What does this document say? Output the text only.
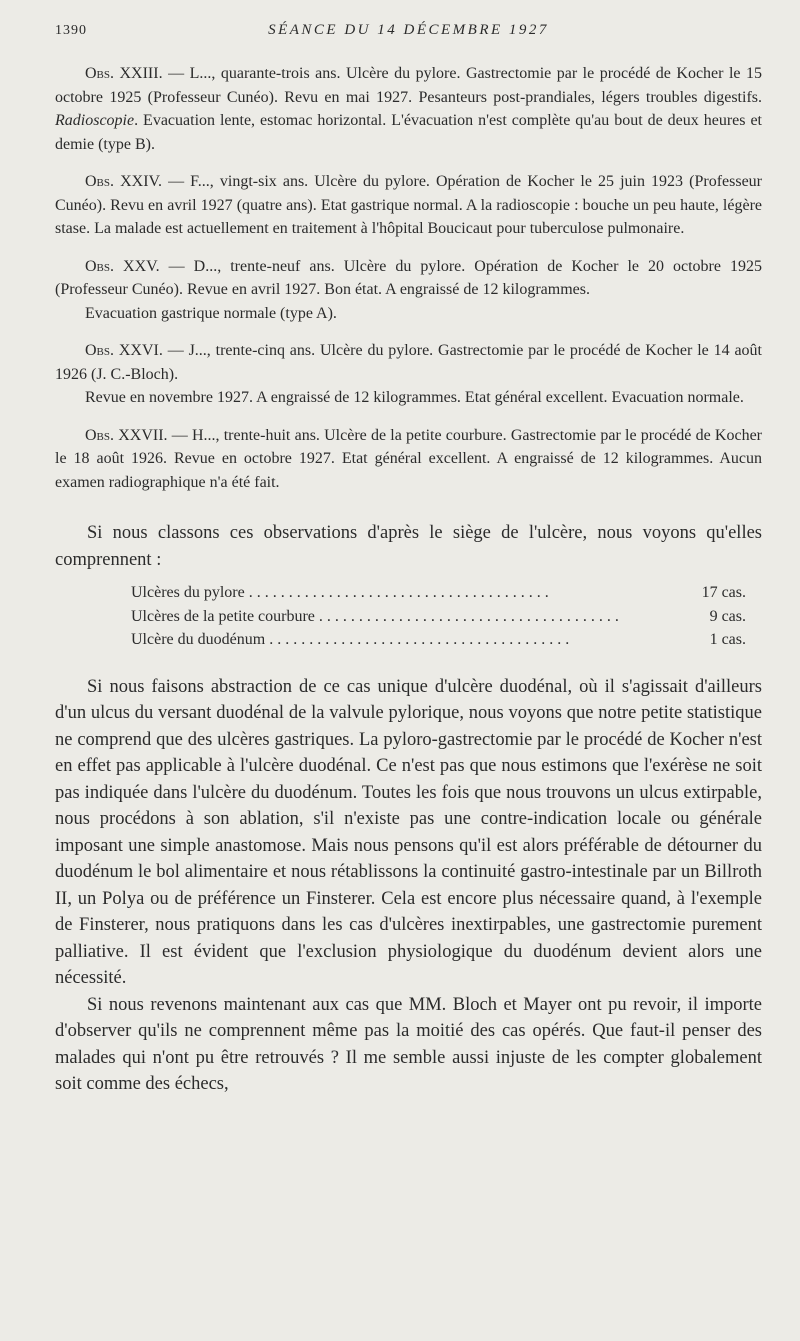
1390	SÉANCE DU 14 DÉCEMBRE 1927

Obs. XXIII. — L..., quarante-trois ans. Ulcère du pylore. Gastrectomie par le procédé de Kocher le 15 octobre 1925 (Professeur Cunéo). Revu en mai 1927. Pesanteurs post-prandiales, légers troubles digestifs. Radioscopie. Evacuation lente, estomac horizontal. L'évacuation n'est complète qu'au bout de deux heures et demie (type B).

Obs. XXIV. — F..., vingt-six ans. Ulcère du pylore. Opération de Kocher le 25 juin 1923 (Professeur Cunéo). Revu en avril 1927 (quatre ans). Etat gastrique normal. A la radioscopie : bouche un peu haute, légère stase. La malade est actuellement en traitement à l'hôpital Boucicaut pour tuberculose pulmonaire.

Obs. XXV. — D..., trente-neuf ans. Ulcère du pylore. Opération de Kocher le 20 octobre 1925 (Professeur Cunéo). Revue en avril 1927. Bon état. A engraissé de 12 kilogrammes.

Evacuation gastrique normale (type A).

Obs. XXVI. — J..., trente-cinq ans. Ulcère du pylore. Gastrectomie par le procédé de Kocher le 14 août 1926 (J. C.-Bloch).

Revue en novembre 1927. A engraissé de 12 kilogrammes. Etat général excellent. Evacuation normale.

Obs. XXVII. — H..., trente-huit ans. Ulcère de la petite courbure. Gastrectomie par le procédé de Kocher le 18 août 1926. Revue en octobre 1927. Etat général excellent. A engraissé de 12 kilogrammes. Aucun examen radiographique n'a été fait.

Si nous classons ces observations d'après le siège de l'ulcère, nous voyons qu'elles comprennent :

Ulcères du pylore . . .	17 cas.
Ulcères de la petite courbure . . .	9 cas.
Ulcère du duodénum . . .	1 cas.

Si nous faisons abstraction de ce cas unique d'ulcère duodénal, où il s'agissait d'ailleurs d'un ulcus du versant duodénal de la valvule pylorique, nous voyons que notre petite statistique ne comprend que des ulcères gastriques. La pyloro-gastrectomie par le procédé de Kocher n'est en effet pas applicable à l'ulcère duodénal. Ce n'est pas que nous estimons que l'exérèse ne soit pas indiquée dans l'ulcère du duodénum. Toutes les fois que nous trouvons un ulcus extirpable, nous procédons à son ablation, s'il n'existe pas une contre-indication locale ou générale imposant une simple anastomose. Mais nous pensons qu'il est alors préférable de détourner du duodénum le bol alimentaire et nous rétablissons la continuité gastro-intestinale par un Billroth II, un Polya ou de préférence un Finsterer. Cela est encore plus nécessaire quand, à l'exemple de Finsterer, nous pratiquons dans les cas d'ulcères inextirpables, une gastrectomie purement palliative. Il est évident que l'exclusion physiologique du duodénum devient alors une nécessité.

Si nous revenons maintenant aux cas que MM. Bloch et Mayer ont pu revoir, il importe d'observer qu'ils ne comprennent même pas la moitié des cas opérés. Que faut-il penser des malades qui n'ont pu être retrouvés ? Il me semble aussi injuste de les compter globalement soit comme des échecs,
